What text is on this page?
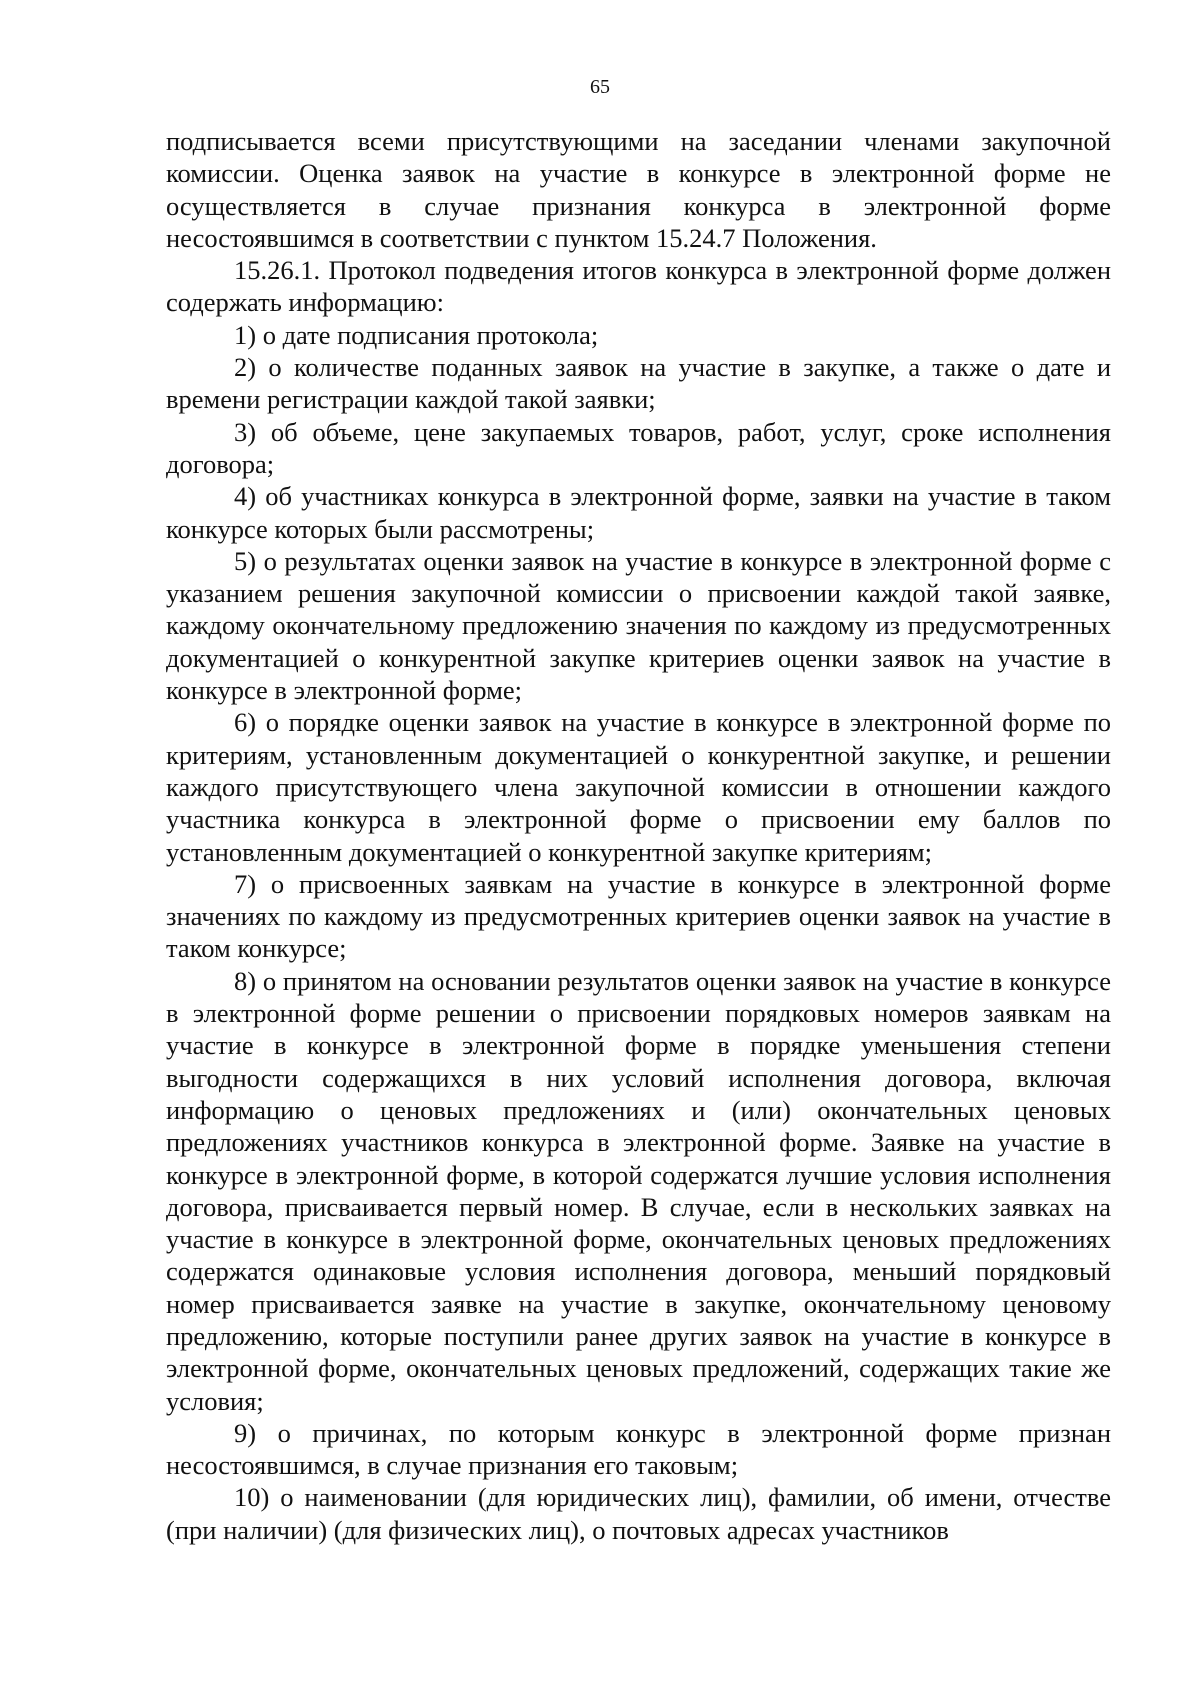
65

подписывается всеми присутствующими на заседании членами закупочной комиссии. Оценка заявок на участие в конкурсе в электронной форме не осуществляется в случае признания конкурса в электронной форме несостоявшимся в соответствии с пунктом 15.24.7 Положения.

15.26.1. Протокол подведения итогов конкурса в электронной форме должен содержать информацию:

1) о дате подписания протокола;

2) о количестве поданных заявок на участие в закупке, а также о дате и времени регистрации каждой такой заявки;

3) об объеме, цене закупаемых товаров, работ, услуг, сроке исполнения договора;

4) об участниках конкурса в электронной форме, заявки на участие в таком конкурсе которых были рассмотрены;

5) о результатах оценки заявок на участие в конкурсе в электронной форме с указанием решения закупочной комиссии о присвоении каждой такой заявке, каждому окончательному предложению значения по каждому из предусмотренных документацией о конкурентной закупке критериев оценки заявок на участие в конкурсе в электронной форме;

6) о порядке оценки заявок на участие в конкурсе в электронной форме по критериям, установленным документацией о конкурентной закупке, и решении каждого присутствующего члена закупочной комиссии в отношении каждого участника конкурса в электронной форме о присвоении ему баллов по установленным документацией о конкурентной закупке критериям;

7) о присвоенных заявкам на участие в конкурсе в электронной форме значениях по каждому из предусмотренных критериев оценки заявок на участие в таком конкурсе;

8) о принятом на основании результатов оценки заявок на участие в конкурсе в электронной форме решении о присвоении порядковых номеров заявкам на участие в конкурсе в электронной форме в порядке уменьшения степени выгодности содержащихся в них условий исполнения договора, включая информацию о ценовых предложениях и (или) окончательных ценовых предложениях участников конкурса в электронной форме. Заявке на участие в конкурсе в электронной форме, в которой содержатся лучшие условия исполнения договора, присваивается первый номер. В случае, если в нескольких заявках на участие в конкурсе в электронной форме, окончательных ценовых предложениях содержатся одинаковые условия исполнения договора, меньший порядковый номер присваивается заявке на участие в закупке, окончательному ценовому предложению, которые поступили ранее других заявок на участие в конкурсе в электронной форме, окончательных ценовых предложений, содержащих такие же условия;

9) о причинах, по которым конкурс в электронной форме признан несостоявшимся, в случае признания его таковым;

10) о наименовании (для юридических лиц), фамилии, об имени, отчестве (при наличии) (для физических лиц), о почтовых адресах участников
